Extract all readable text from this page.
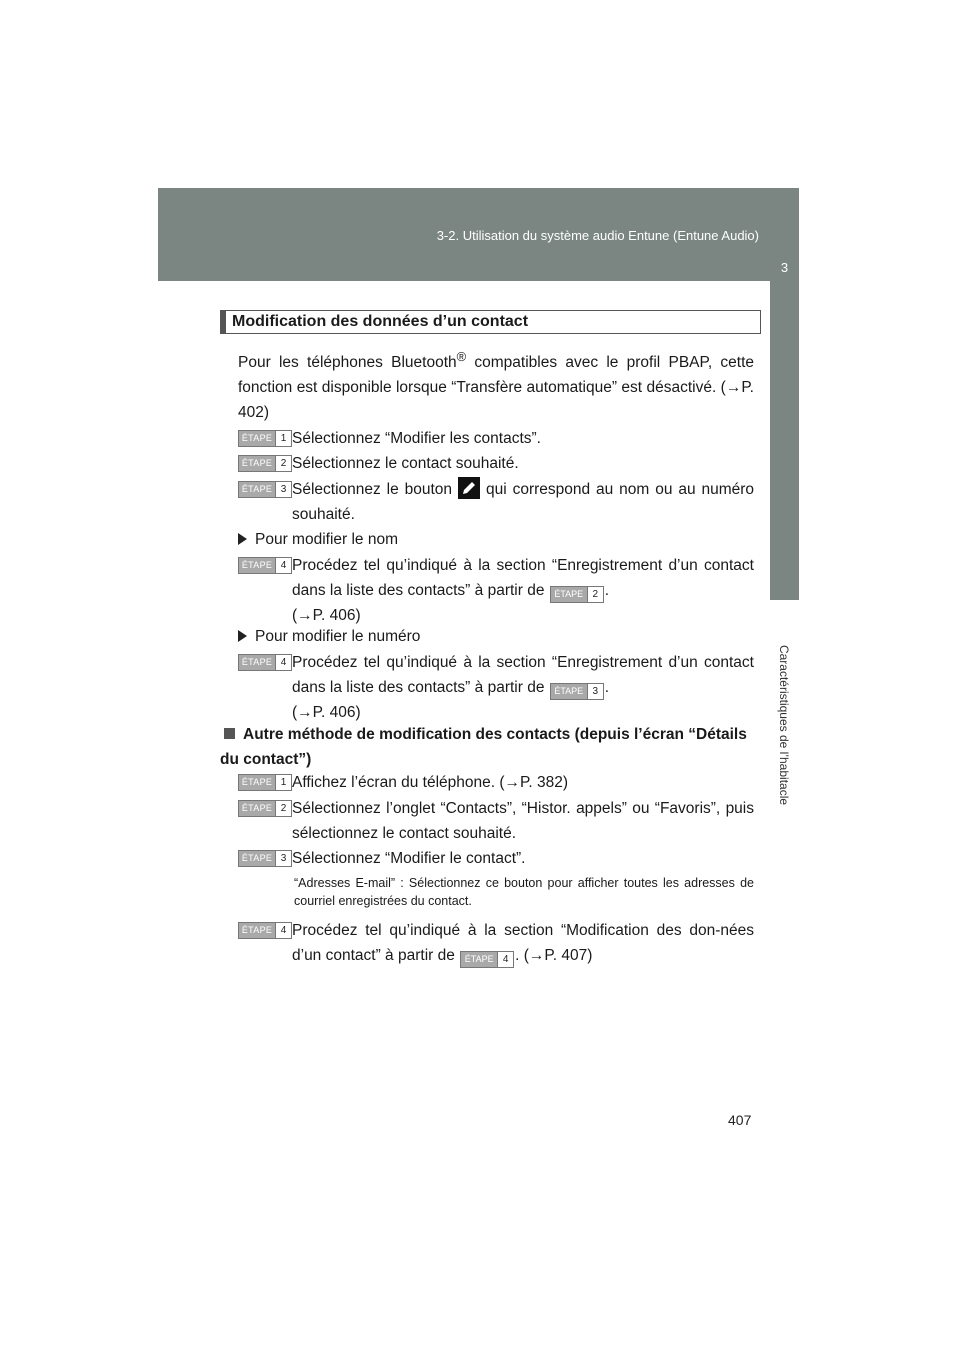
3-2. Utilisation du système audio Entune (Entune Audio)
3
Caractéristiques de l’habitacle
Modification des données d’un contact
Pour les téléphones Bluetooth® compatibles avec le profil PBAP, cette fonction est disponible lorsque “Transfère automatique” est désactivé. (→P. 402)
ÉTAPE 1 Sélectionnez “Modifier les contacts”.
ÉTAPE 2 Sélectionnez le contact souhaité.
ÉTAPE 3 Sélectionnez le bouton qui correspond au nom ou au numéro souhaité.
Pour modifier le nom
ÉTAPE 4 Procédez tel qu’indiqué à la section “Enregistrement d’un contact dans la liste des contacts” à partir de	ÉTAPE 2 .
(→P. 406)
Pour modifier le numéro
ÉTAPE 4 Procédez tel qu’indiqué à la section “Enregistrement d’un contact dans la liste des contacts” à partir de	ÉTAPE 3 .
(→P. 406)
Autre méthode de modification des contacts (depuis l’écran “Détails du contact”)
ÉTAPE 1 Affichez l’écran du téléphone. (→P. 382)
ÉTAPE 2 Sélectionnez l’onglet “Contacts”, “Histor. appels” ou “Favoris”, puis sélectionnez le contact souhaité.
ÉTAPE 3 Sélectionnez “Modifier le contact”.
“Adresses E-mail” : Sélectionnez ce bouton pour afficher toutes les adresses de courriel enregistrées du contact.
ÉTAPE 4 Procédez tel qu’indiqué à la section “Modification des don-nées d’un contact” à partir de	ÉTAPE 4 . (→P. 407)
407
